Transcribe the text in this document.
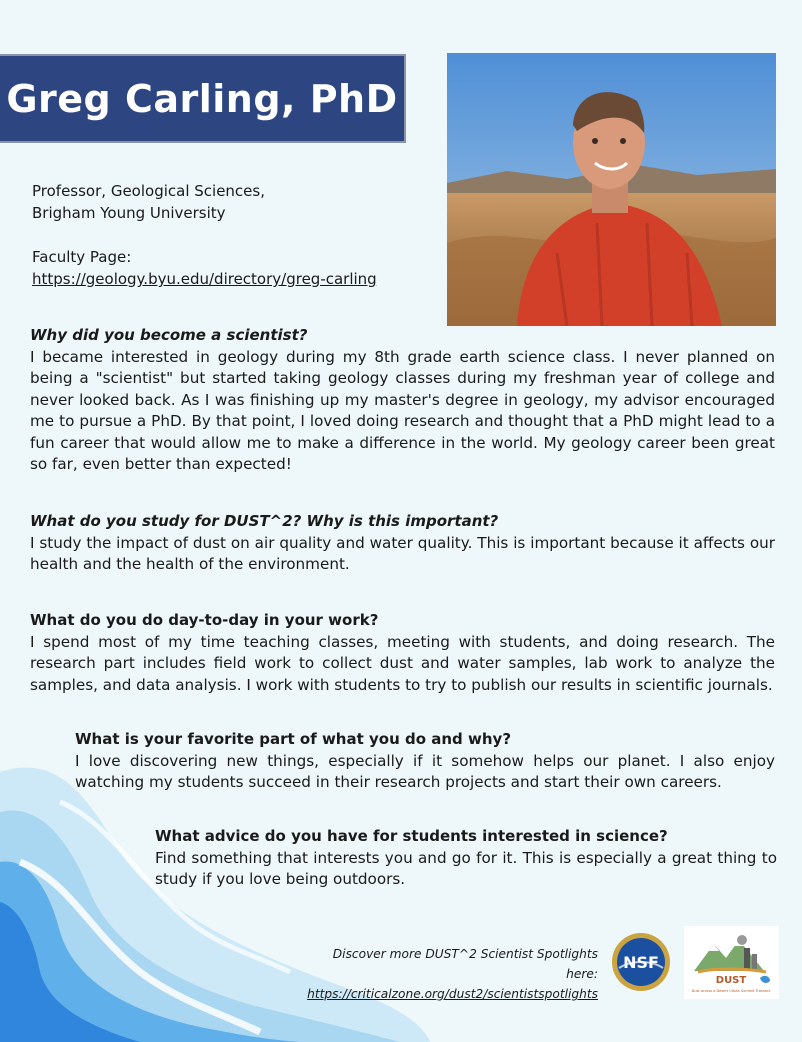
Greg Carling, PhD

Professor, Geological Sciences,

Brigham Young University

Faculty Page:

https://geology.byu.edu/directory/greg-carling

Why did you become a scientist?

I became interested in geology during my 8th grade earth science class. I never planned on being a "scientist" but started taking geology classes during my freshman year of college and never looked back. As I was finishing up my master's degree in geology, my advisor encouraged me to pursue a PhD. By that point, I loved doing research and thought that a PhD might lead to a fun career that would allow me to make a difference in the world. My geology career been great so far, even better than expected!

What do you study for DUST^2? Why is this important?

I study the impact of dust on air quality and water quality. This is important because it affects our health and the health of the environment.

What do you do day-to-day in your work?

I spend most of my time teaching classes, meeting with students, and doing research. The research part includes field work to collect dust and water samples, lab work to analyze the samples, and data analysis. I work with students to try to publish our results in scientific journals.

What is your favorite part of what you do and why?

I love discovering new things, especially if it somehow helps our planet. I also enjoy watching my students succeed in their research projects and start their own careers.

What advice do you have for students interested in science?

Find something that interests you and go for it. This is especially a great thing to study if you love being outdoors.

Discover more DUST^2 Scientist Spotlights here:
https://criticalzone.org/dust2/scientistspotlights
NSF
DUST
Dust across a Desert Urban Summit Transect
